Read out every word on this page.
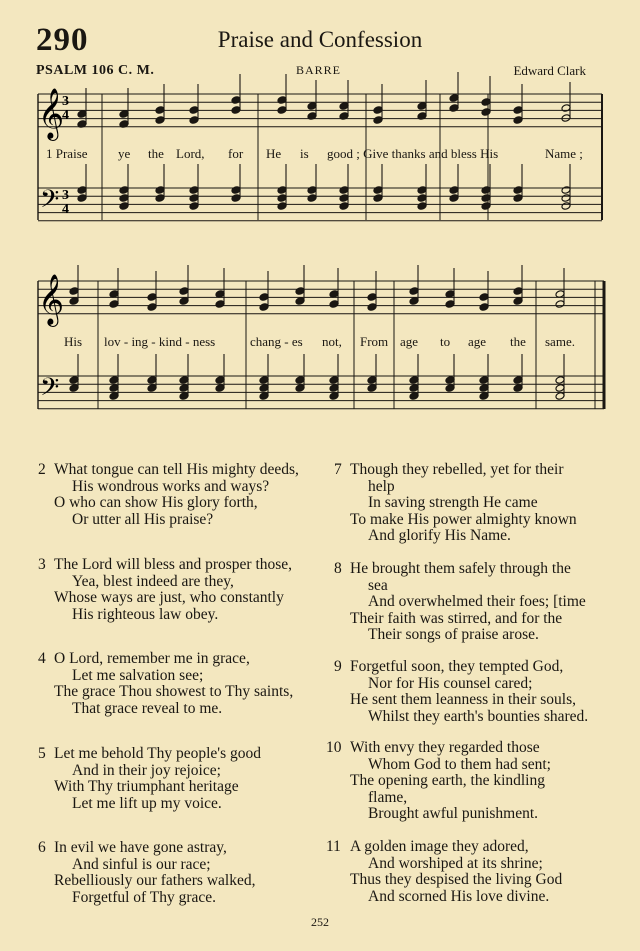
290	Praise and Confession
PSALM 106 C. M.	BARRE	Edward Clark
𝄞
𝄞
𝄢
𝄢
3
4
3
4
1 Praise ye the Lord, for He is good ; Give thanks and bless His	Name ;
His lov - ing - kind - ness	chang - es not, From age to age the same.
2 What tongue can tell His mighty deeds,
His wondrous works and ways?
O who can show His glory forth,
Or utter all His praise?
3 The Lord will bless and prosper those,
Yea, blest indeed are they,
Whose ways are just, who constantly
His righteous law obey.
4 O Lord, remember me in grace,
Let me salvation see;
The grace Thou showest to Thy saints,
That grace reveal to me.
5 Let me behold Thy people's good
And in their joy rejoice;
With Thy triumphant heritage
Let me lift up my voice.
6 In evil we have gone astray,
And sinful is our race;
Rebelliously our fathers walked,
Forgetful of Thy grace.
7 Though they rebelled, yet for their
help
In saving strength He came
To make His power almighty known
And glorify His Name.
8 He brought them safely through the
sea
And overwhelmed their foes; [time
Their faith was stirred, and for the
Their songs of praise arose.
9 Forgetful soon, they tempted God,
Nor for His counsel cared;
He sent them leanness in their souls,
Whilst they earth's bounties shared.
10 With envy they regarded those
Whom God to them had sent;
The opening earth, the kindling
flame,
Brought awful punishment.
11 A golden image they adored,
And worshiped at its shrine;
Thus they despised the living God
And scorned His love divine.
252
